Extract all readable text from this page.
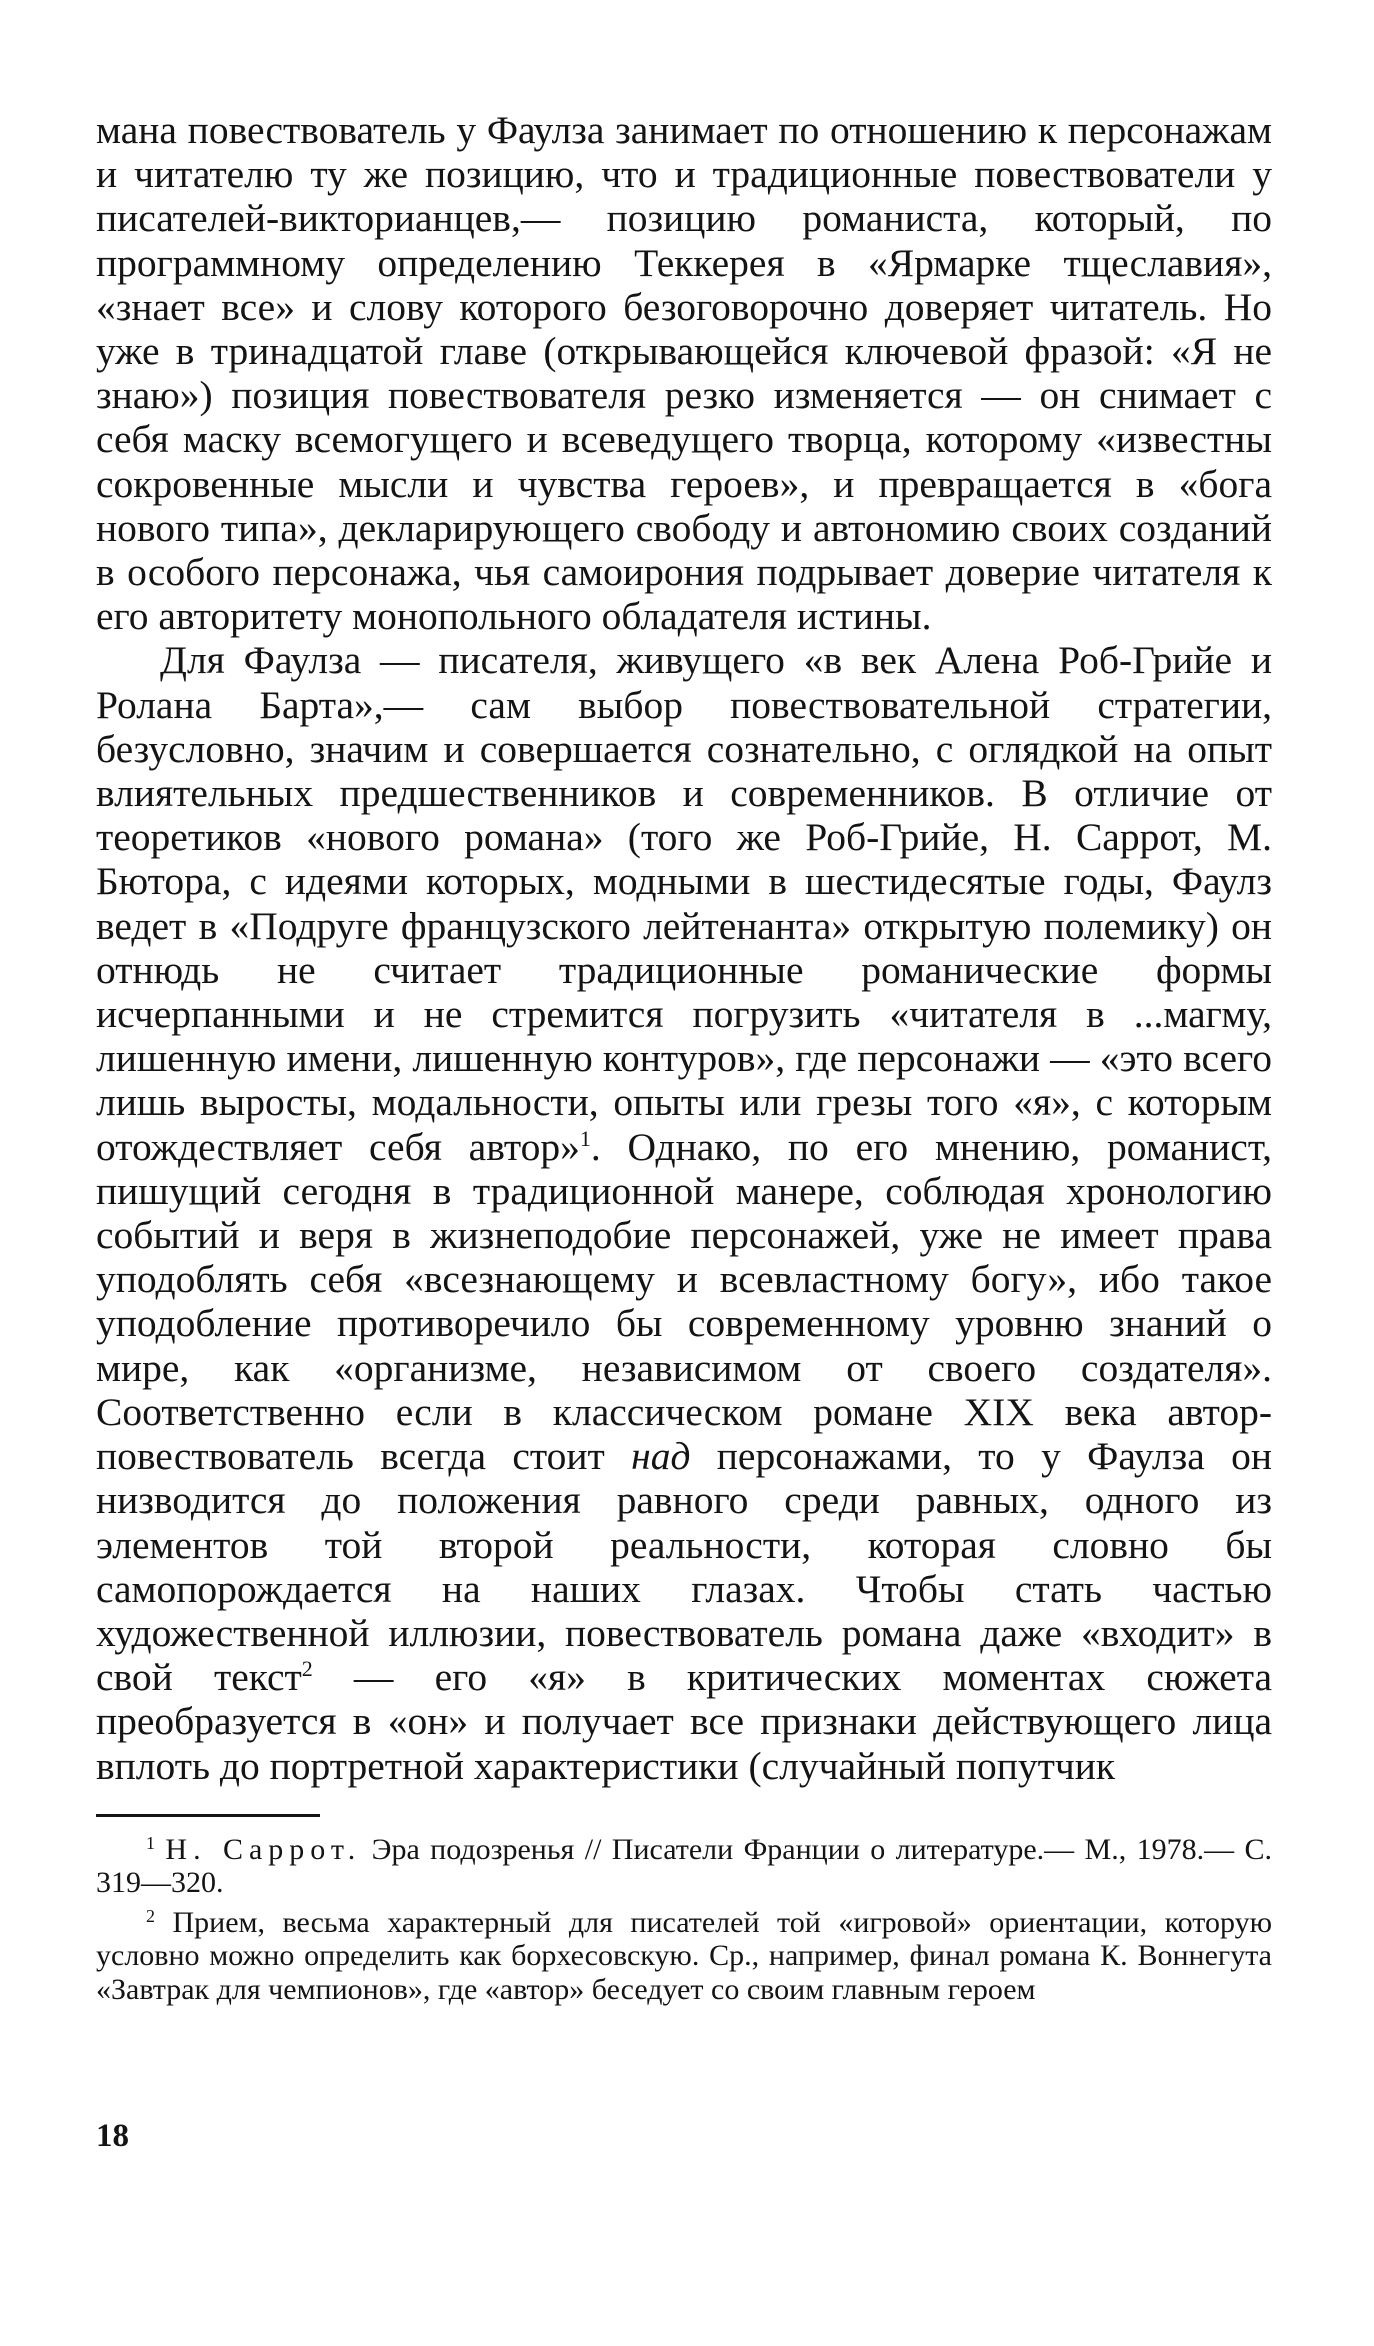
мана повествователь у Фаулза занимает по отношению к персонажам и читателю ту же позицию, что и традиционные повествователи у писателей-викторианцев,— позицию романиста, который, по программному определению Теккерея в «Ярмарке тщеславия», «знает все» и слову которого безоговорочно доверяет читатель. Но уже в тринадцатой главе (открывающейся ключевой фразой: «Я не знаю») позиция повествователя резко изменяется — он снимает с себя маску всемогущего и всеведущего творца, которому «известны сокровенные мысли и чувства героев», и превращается в «бога нового типа», декларирующего свободу и автономию своих созданий в особого персонажа, чья самоирония подрывает доверие читателя к его авторитету монопольного обладателя истины.

Для Фаулза — писателя, живущего «в век Алена Роб-Грийе и Ролана Барта»,— сам выбор повествовательной стратегии, безусловно, значим и совершается сознательно, с оглядкой на опыт влиятельных предшественников и современников. В отличие от теоретиков «нового романа» (того же Роб-Грийе, Н. Саррот, М. Бютора, с идеями которых, модными в шестидесятые годы, Фаулз ведет в «Подруге французского лейтенанта» открытую полемику) он отнюдь не считает традиционные романические формы исчерпанными и не стремится погрузить «читателя в ...магму, лишенную имени, лишенную контуров», где персонажи — «это всего лишь выросты, модальности, опыты или грезы того «я», с которым отождествляет себя автор»$^1$. Однако, по его мнению, романист, пишущий сегодня в традиционной манере, соблюдая хронологию событий и веря в жизнеподобие персонажей, уже не имеет права уподоблять себя «всезнающему и всевластному богу», ибо такое уподобление противоречило бы современному уровню знаний о мире, как «организме, независимом от своего создателя». Соответственно если в классическом романе XIX века автор-повествователь всегда стоит над персонажами, то у Фаулза он низводится до положения равного среди равных, одного из элементов той второй реальности, которая словно бы самопорождается на наших глазах. Чтобы стать частью художественной иллюзии, повествователь романа даже «входит» в свой текст$^2$ — его «я» в критических моментах сюжета преобразуется в «он» и получает все признаки действующего лица вплоть до портретной характеристики (случайный попутчик

$^1$ Н. Саррот. Эра подозренья // Писатели Франции о литературе.— М., 1978.— С. 319—320.

$^2$ Прием, весьма характерный для писателей той «игровой» ориентации, которую условно можно определить как борхесовскую. Ср., например, финал романа К. Воннегута «Завтрак для чемпионов», где «автор» беседует со своим главным героем

18
